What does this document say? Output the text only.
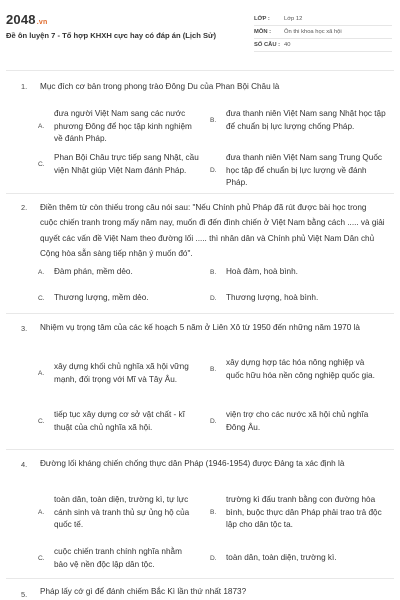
2048.vn
Đề ôn luyện 7 - Tổ hợp KHXH cực hay có đáp án (Lịch Sử)
LỚP :	Lớp 12
MÔN :	Ôn thi khoa học xã hội
SỐ CÂU : 40
1. Mục đích cơ bản trong phong trào Đông Du của Phan Bội Châu là
A.
đưa người Việt Nam sang các nước phương Đông để học tập kinh nghiệm về đánh Pháp.
B.
đưa thanh niên Việt Nam sang Nhật học tập để chuẩn bị lực lượng chống Pháp.
C.
Phan Bội Châu trực tiếp sang Nhật, cầu viện Nhật giúp Việt Nam đánh Pháp.	D.
đưa thanh niên Việt Nam sang Trung Quốc học tập để chuẩn bị lực lượng về đánh Pháp.
2. Điền thêm từ còn thiếu trong câu nói sau: "Nếu Chính phủ Pháp đã rút được bài học trong cuộc chiến tranh trong mấy năm nay, muốn đi đến đình chiến ở Việt Nam bằng cách ..... và giải quyết các vấn đề Việt Nam theo đường lối ..... thì nhân dân và Chính phủ Việt Nam Dân chủ Cộng hòa sẵn sàng tiếp nhận ý muốn đó".
A.	Đàm phán, mềm dẻo.	B.	Hoà đàm, hoà bình.
C.	Thương lượng, mềm dẻo.	D.	Thương lượng, hoà bình.
3. Nhiệm vụ trọng tâm của các kế hoạch 5 năm ở Liên Xô từ 1950 đến những năm 1970 là
A.
xây dựng khối chủ nghĩa xã hội vững mạnh, đối trọng với Mĩ và Tây Âu.
B.
xây dựng hợp tác hóa nông nghiệp và quốc hữu hóa nền công nghiệp quốc gia.
C.
tiếp tục xây dựng cơ sở vật chất - kĩ thuật của chủ nghĩa xã hội.
D.
viện trợ cho các nước xã hội chủ nghĩa Đông Âu.
4. Đường lối kháng chiến chống thực dân Pháp (1946-1954) được Đảng ta xác định là
A.
toàn dân, toàn diện, trường kì, tự lực cánh sinh và tranh thủ sự ủng hộ của quốc tế.
B.
trường kì đấu tranh bằng con đường hòa bình, buộc thực dân Pháp phải trao trả độc lập cho dân tộc ta.
C.
cuộc chiến tranh chính nghĩa nhằm bảo vệ nền độc lập dân tộc.
D.	toàn dân, toàn diện, trường kì.
5. Pháp lấy cớ gì để đánh chiếm Bắc Kì lần thứ nhất 1873?
